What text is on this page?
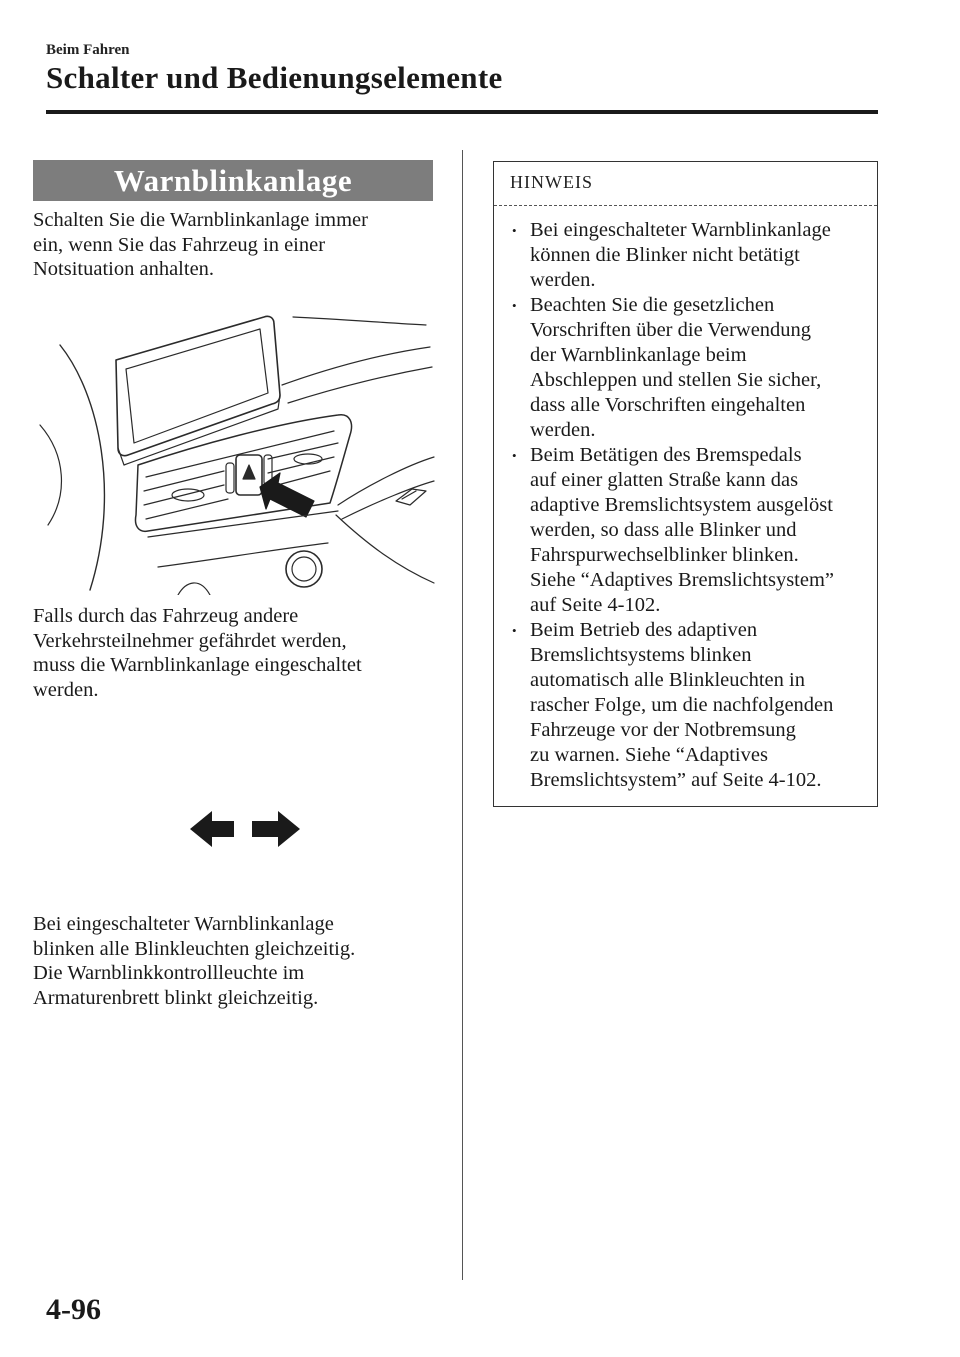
Beim Fahren
Schalter und Bedienungselemente
Warnblinkanlage
Schalten Sie die Warnblinkanlage immer
ein, wenn Sie das Fahrzeug in einer
Notsituation anhalten.
Falls durch das Fahrzeug andere
Verkehrsteilnehmer gefährdet werden,
muss die Warnblinkanlage eingeschaltet
werden.
Bei eingeschalteter Warnblinkanlage
blinken alle Blinkleuchten gleichzeitig.
Die Warnblinkkontrollleuchte im
Armaturenbrett blinkt gleichzeitig.
HINWEIS
• Bei eingeschalteter Warnblinkanlage
können die Blinker nicht betätigt
werden.
• Beachten Sie die gesetzlichen
Vorschriften über die Verwendung
der Warnblinkanlage beim
Abschleppen und stellen Sie sicher,
dass alle Vorschriften eingehalten
werden.
• Beim Betätigen des Bremspedals
auf einer glatten Straße kann das
adaptive Bremslichtsystem ausgelöst
werden, so dass alle Blinker und
Fahrspurwechselblinker blinken.
Siehe “Adaptives Bremslichtsystem”
auf Seite 4-102.
• Beim Betrieb des adaptiven
Bremslichtsystems blinken
automatisch alle Blinkleuchten in
rascher Folge, um die nachfolgenden
Fahrzeuge vor der Notbremsung
zu warnen. Siehe “Adaptives
Bremslichtsystem” auf Seite 4-102.
4-96
